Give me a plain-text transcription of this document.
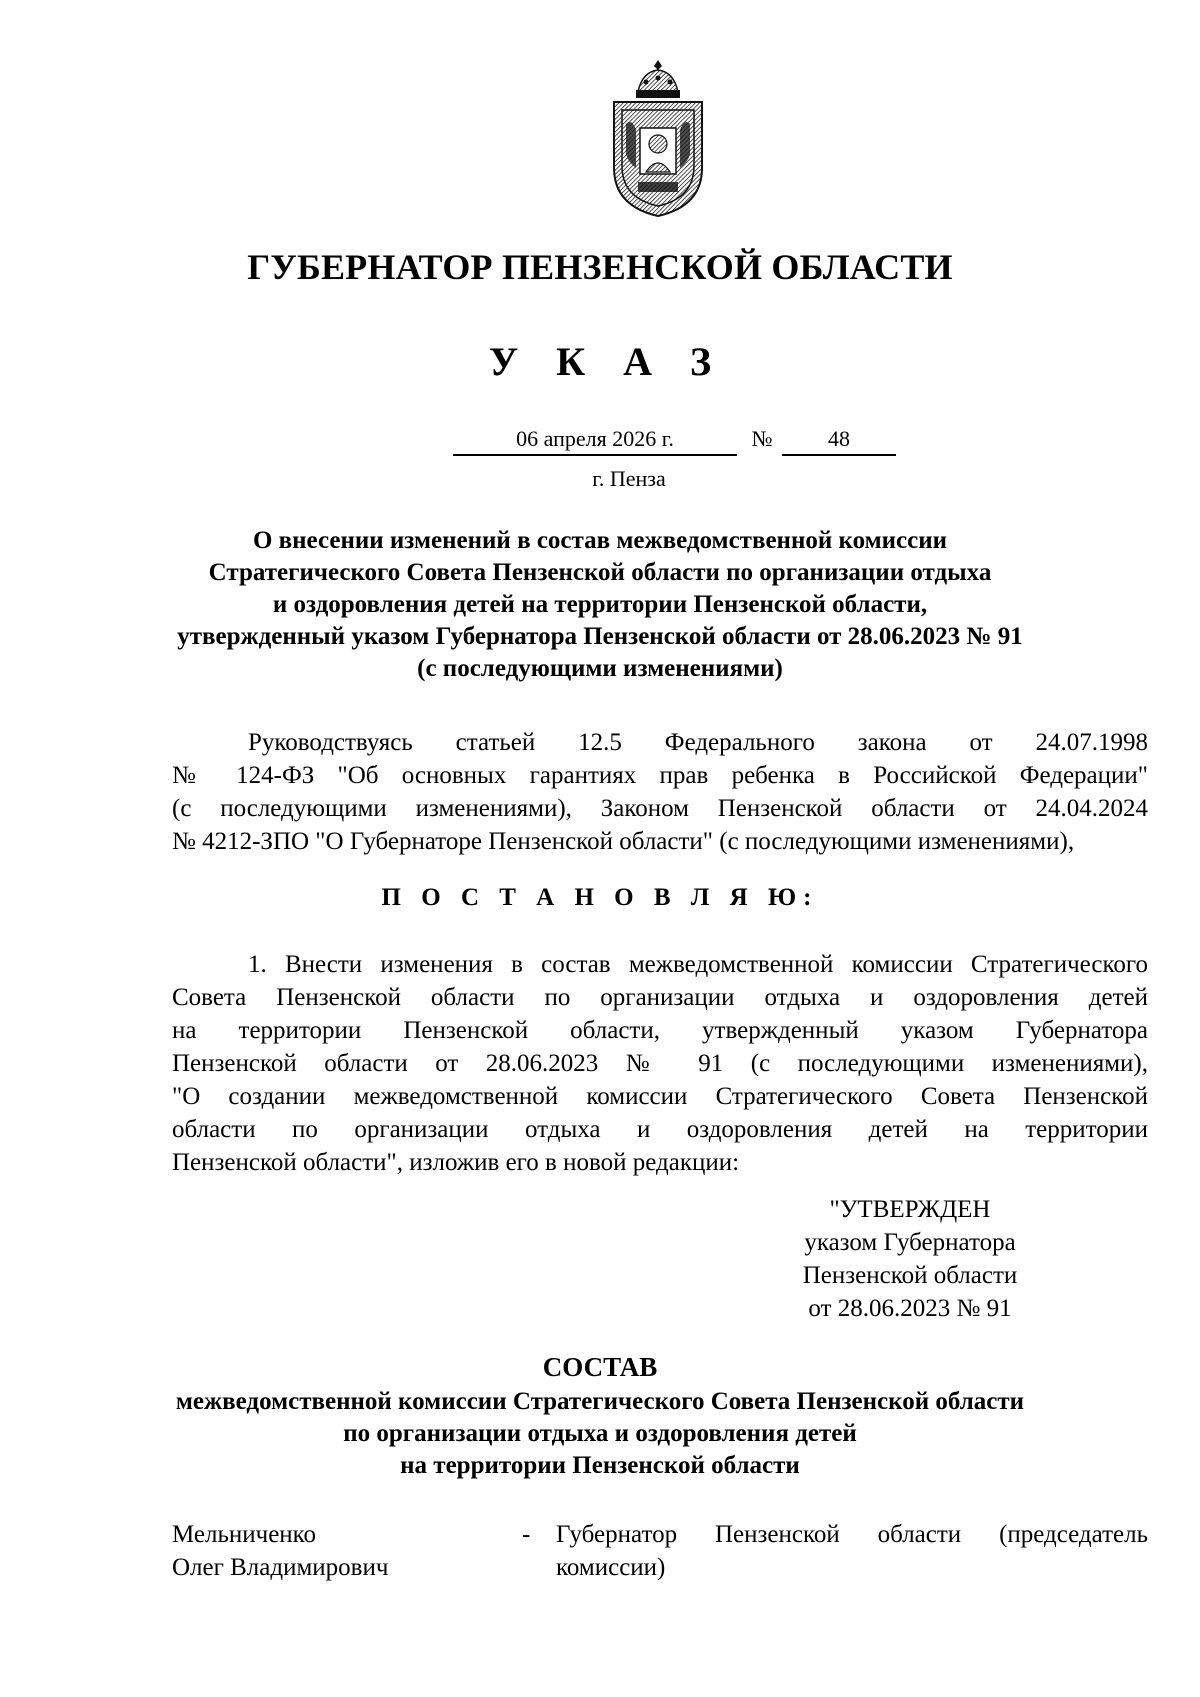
ГУБЕРНАТОР ПЕНЗЕНСКОЙ ОБЛАСТИ
У К А З
06 апреля 2026 г.	№	48
г. Пенза
О внесении изменений в состав межведомственной комиссии
Стратегического Совета Пензенской области по организации отдыха
и оздоровления детей на территории Пензенской области,
утвержденный указом Губернатора Пензенской области от 28.06.2023 № 91
(с последующими изменениями)
Руководствуясь статьей 12.5 Федерального закона от 24.07.1998
№ 124-ФЗ "Об основных гарантиях прав ребенка в Российской Федерации"
(с последующими изменениями), Законом Пензенской области от 24.04.2024
№ 4212-ЗПО "О Губернаторе Пензенской области" (с последующими изменениями),
П О С Т А Н О В Л Я Ю:
1. Внести изменения в состав межведомственной комиссии Стратегического
Совета Пензенской области по организации отдыха и оздоровления детей
на территории Пензенской области, утвержденный указом Губернатора
Пензенской области от 28.06.2023 № 91 (с последующими изменениями),
"О создании межведомственной комиссии Стратегического Совета Пензенской
области по организации отдыха и оздоровления детей на территории
Пензенской области", изложив его в новой редакции:
"УТВЕРЖДЕН
указом Губернатора
Пензенской области
от 28.06.2023 № 91
СОСТАВ
межведомственной комиссии Стратегического Совета Пензенской области
по организации отдыха и оздоровления детей
на территории Пензенской области
Мельниченко
Олег Владимирович
- Губернатор Пензенской области (председатель
комиссии)
